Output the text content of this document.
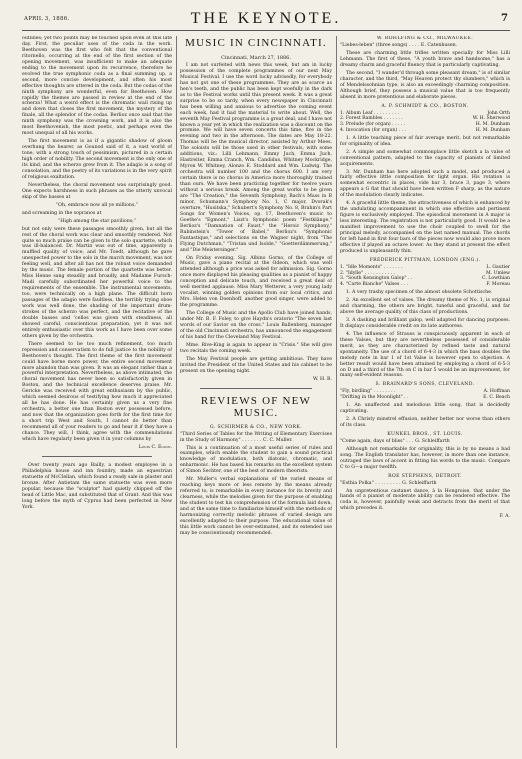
APRIL 3, 1886.	THE KEYNOTE.	7

outlines; yet two points may be touched upon even at this late day. First, the peculiar uses of the coda in the work. Beethoven was the first who felt that the conventional ritornello, occurring at the end of the first section of the opening movement, was insufficient to make an adequate ending to the movement upon its recurrence, therefore he evolved the true symphonic coda as a final summing up, a second, more concise development, and often his most effective thoughts are uttered in the coda. But the codas of the ninth symphony are wonderful, even for Beethoven. How rapidly the themes are passed in review at the end of the scherzo! What a weird effect is the chromatic wail rising up and down that closes the first movement, the mystery of the finale, all the splendor of the codas. Berlioz once said that the ninth symphony was the crowning work, and it is also the most Beethovenish, the most poetic, and perhaps even the most unequal of all his works.

The first movement is as if a gigantic shadow of gloom overhung the hearer, as Gounod said of it, a vast world of tone, with a strong touch of pessimism, pictured in a certain high order of nobility. The second movement is the only one of its kind, and the scherzo grew from it. The adagio is a song of consolation, and the poetry of its variations is in the very spirit of religious exaltation.

Nevertheless, the choral movement was surprisingly good. One expects harshness in such phrases as the utterly unvocal skip of the basses at

“Oh, embrace now all ye millions,”

and screaming in the sopranos at

“High among the star pavilions;”

but not only were these passages smoothly given, but all the rest of the choral work was clear and smoothly rendered. Not quite so much praise can be given to the solo quartette, which was ill-balanced. Dr. Martin was out of time, apparently a muffled quality of voice, and Mr. Toedt, although he gave unexpected power to the solo in the march movement, was not feeling well, and after all has not the robust voice demanded by the music. The female portion of the quartette was better. Miss Henne sang steadily and broadly, and Madame Fursch-Madi carefully subordinated her powerful voice to the requirements of the ensemble. The instrumental movements, too, were technically on a high plane. The difficult horn passages of the adagio were faultless, the terribly trying oboe work was well done, the shading of the important drum-strokes of the scherzo was perfect, and the recitative of the double basses and 'cellos was given with steadiness, all showed careful, conscientious preparation, yet it was not entirely enthusiastic over this work as I have been over some others given by the orchestra.

There seemed to be too much refinement, too much repression and conservatism to do full justice to the nobility of Beethoven's thought. The first theme of the first movement could have borne more power, the entire second movement more abandon than was given. It was an elegant rather than a powerful interpretation. Nevertheless, as above intimated, the choral movement has never been so satisfactorily given in Boston, and the technical excellence deserves praise. Mr. Gericke was received with great enthusiasm by the public, which seemed desirous of testifying how much it appreciated all he has done. He has certainly given us a very fine orchestra, a better one than Boston ever possessed before, and now that the organization goes forth for the first time for a short trip West and South, I cannot do better than recommend all of your readers to go and hear it if they have a chance. They will, I think, agree with the commendations which have regularly been given it in your columns by

Louis C. Elson.

Over twenty years ago Bailly, a modest employee in a Philadelphia house and inn foundry, made an equestrian statuette of McClellan, which found a ready sale in plaster and bronze. After Antietam the same statuette was even more popular, because the "sculptor" had quietly chipped off the head of Little Mac, and substituted that of Grant. And this was long before the myth of Cyprus had been perfected in New York.

MUSIC IN CINCINNATI.
Cincinnati, March 27, 1886.

I am not surfeited with news this week, but am in lucky possession of the complete programmes of our next May Musical Festival. I use the word lucky advisedly, for everybody has not got one of these programmes. They are as scarce as hen's teeth, and the public has been kept woefully in the dark as to the Festival works until this present week. It was a great surprise to be so tardy, when every newspaper in Cincinnati has been willing and anxious to advertise the coming event each week, had it had the material to write about. Well, the seventh May Festival programme is a great deal, and I have not known a year yet in which the realization was a discount on the promise. We will have seven concerts this time, five in the evening and two in the afternoon. The dates are May 18-22. Thomas will be the musical director, assisted by Arthur Mees. The soloists will be those used in other festivals, with some additions, viz.: Lilli Lehmann, Emmy Juch, Emma Juch, Hastreiter, Emma Cranch, Wm. Candidus, Whitney Mockridge, Myron W. Whitney, Alonzo E. Stoddard and Wm. Ludwig. The orchestra will number 100 and the chorus 600. I am very certain there is no chorus in America more thoroughly trained than ours. We have been practicing together for twelve years without a serious break. Among the great works to be given are "The Creation," the Seventh Symphony, Bach's Mass in B minor, Schumann's Symphony No. 1, C major, Dvorak's overture, "Husitska," Schubert's Symphony No. 8, Brahm's Part Songs for Women's Voices, op. 17, Beethoven's music to Goethe's "Egmont," Liszt's Symphonic poem "Festklänge," Berlioz's "Damnation of Faust," the "Heroic Symphony," Rubinstein's "Tower of Babel," Berlioz's "Symphonic Fantastique," and selections on the Wagner night, from "The Flying Dutchman," "Tristan und Isolde," "Goetterdämmerung," and "Die Meistersinger."

On Friday evening, Sig. Albino Gorno, of the College of Music, gave a piano recital at the Odeon, which was well attended although a price was asked for admission. Sig. Gorno once more displayed his pleasing qualities as a pianist of happy conception and delicate touch, and received a great deal of well merited applause. Miss Mary Wetterer, a very young lady vocalist, winning golden opinions from our local critics, and Mrs. Helen von Doenhoff, another good singer, were added to the programme.

The College of Music and the Apollo Club have joined hands, under Mr. B. F. Foley, to give Haydn's oratorio "The seven last words of our Savior on the cross." Louis Ballenberg, manager of the old Cincinnati orchestra, has announced the engagement of his band for the Cleveland May Festival.

Mme. Rive-King is again to appear in "Crisis." She will give two recitals the coming week.

The May Festival people are getting ambitious. They have invited the President of the United States and his cabinet to be present on the opening night.

W. H. B.
REVIEWS OF NEW MUSIC.
G. SCHIRMER & CO., NEW YORK.

"Third Series of Tables for the Writing of Elementary Exercises in the Study of Harmony" . . . . . . . C. C. Muller.

This is a continuation of a most useful series of rules and examples, which enable the student to gain a sound practical knowledge of modulation, both diatonic, chromatic, and enharmonic. He has based his remarks on the excellent system of Simon Sechter, one of the best of modern theorists.

Mr. Muller's verbal explanations of the varied means of reaching keys more or less remote by the means already referred to, is remarkable in every instance for its brevity and clearness, while the melodies given for the purpose of enabling the student to test his comprehension of the formula laid down, and at the same time to familiarize himself with the methods of harmonizing correctly melodic phrases of varied design are excellently adapted to their purpose. The educational value of this little work cannot be over-estimated, and its extended use may be conscientiously recommended.

W. ROHLFING & CO., MILWAUKEE.

"Liebes-leben" (three songs) . . . . E. Catenhusen.

These are charming little trifles written specially for Miss Lilli Lehmann. The first of these, "A youth brave and handsome," has a dreamy charm and graceful fluency that is particularly captivating.

The second, "I wander'd through some pleasant dream," is of similar character, and the third, "May Heaven protect thy slumbers," which is of Mendelssohnian type, is also an exceedingly charming composition. Although brief, they possess a musical value that is too frequently absent in more pretentious and elaborate pieces.

A. P. SCHMIDT & CO., BOSTON.
1. Album Leaf . . . . . . . . .	John Orth
2. Forest Rambles . . . . . . .	W. H. Sherwood
3. Prelude (for organ) . . . . .	H. M. Dunham
4. Invocation (for organ) . . .	H. M. Dunham

1. A little teaching piece of fair average merit, but not remarkable for originality of idea.

2. A simple and somewhat commonplace little sketch a la valse of conventional pattern, adapted to the capacity of pianists of limited acquirements.

3. Mr. Dunham has here adopted such a model, and produced a fairly effective little composition for light organ. His rotation is somewhat eccentric in places, vide bar 3, brace 3, page 3, where appears a G flat that should have been written F sharp, as the nature of the modulation clearly indicates.

4. A graceful little theme, the attractiveness of which is enhanced by the undulating accompaniment in which one effective and pertinent figure is exclusively employed. The episodical movement in A major is less interesting. The registration is not particularly good. It would be a manifest improvement to use the choir coupled to swell for the principal melody, accompanied on the last named manual. The chords for left hand in first four bars of the pieces now would also prove more effective if played an octave lower. As they stand at present the effect produced is unpleasantly thin.

FREDERICK PITTMAN, LONDON (ENG.).
1. "Idle Moments" . . . . . . .	L. Gautier
2. "Idylle" . . . . . . . . . . .	M. Umlew
3. "South Kensington Galop" . .	C. Lowthian
4. "Carte Bianche" Valses . . .	F. Moreau

1. A very trashy specimen of the almost obsolete Schottische.

2. An excellent set of valses. The dreamy theme of No. 1, is original and charming, the others are bright, tuneful and graceful, and far above the average quality of this class of productions.

3. A dashing and brilliant galop, well adapted for dancing purposes. It displays considerable credit on its late authoress.

4. The influence of Strauss is conspicuously apparent in each of these Valses, but they are nevertheless possessed of considerable merit, as they are characterized by refined taste and natural spontaneity. The use of a chord of 6-4-3 in which the bass doubles the melody note in bar 1 of 1st Valse is however open to objection. A better result would have been attained by employing a chord of 6-5-3 on D and a third of the 7th on C in bar 5 would be an improvement, for many self-evident reasons.

S. BRAINARD'S SONS, CLEVELAND.
"Fly, birdling" . . . . . . . .	A. Hoffman
"Drifting in the Moonlight" . .	E. C. Beach

1. An unaffected and melodious little song, that is decidedly captivating.

2. A Christy minstrel effusion, neither better nor worse than others of its class.

KUNKEL BROS., ST. LOUIS.

"Come again, days of bliss" . . . G. Schleiffarth

Although not remarkable for originality, this is by no means a bad song. The English translator has, however, in more than one instance, outraged the laws of accent in fitting his words to the music. Compare C to G—a major twelfth.

ROE STEPHENS, DETROIT.

"Esthia Polka" . . . . . . . . . G. Schleiffarth

An unpretentious castanet dance, à la Hongroise, that under the hands of a pianist of moderate ability can be rendered effective. The coda is, however, painfully weak and detracts from the merit of that which precedes it.

F. A.
